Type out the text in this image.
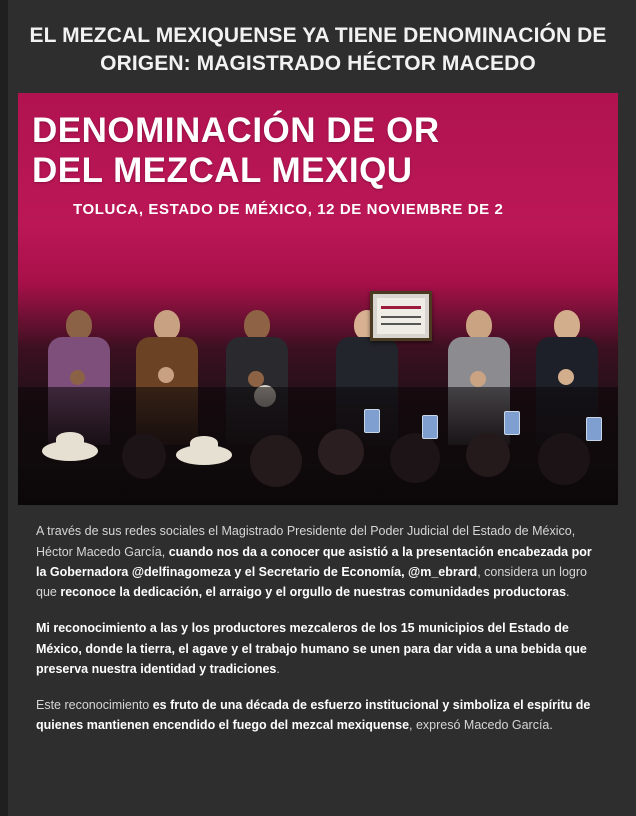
EL MEZCAL MEXIQUENSE YA TIENE DENOMINACIÓN DE ORIGEN: MAGISTRADO HÉCTOR MACEDO
DENOMINACIÓN DE OR
DEL MEZCAL MEXIQU
TOLUCA, ESTADO DE MÉXICO, 12 DE NOVIEMBRE DE 2

A través de sus redes sociales el Magistrado Presidente del Poder Judicial del Estado de México, Héctor Macedo García, cuando nos da a conocer que asistió a la presentación encabezada por la Gobernadora @delfinagomeza y el Secretario de Economía, @m_ebrard, considera un logro que reconoce la dedicación, el arraigo y el orgullo de nuestras comunidades productoras.

Mi reconocimiento a las y los productores mezcaleros de los 15 municipios del Estado de México, donde la tierra, el agave y el trabajo humano se unen para dar vida a una bebida que preserva nuestra identidad y tradiciones.

Este reconocimiento es fruto de una década de esfuerzo institucional y simboliza el espíritu de quienes mantienen encendido el fuego del mezcal mexiquense, expresó Macedo García.
